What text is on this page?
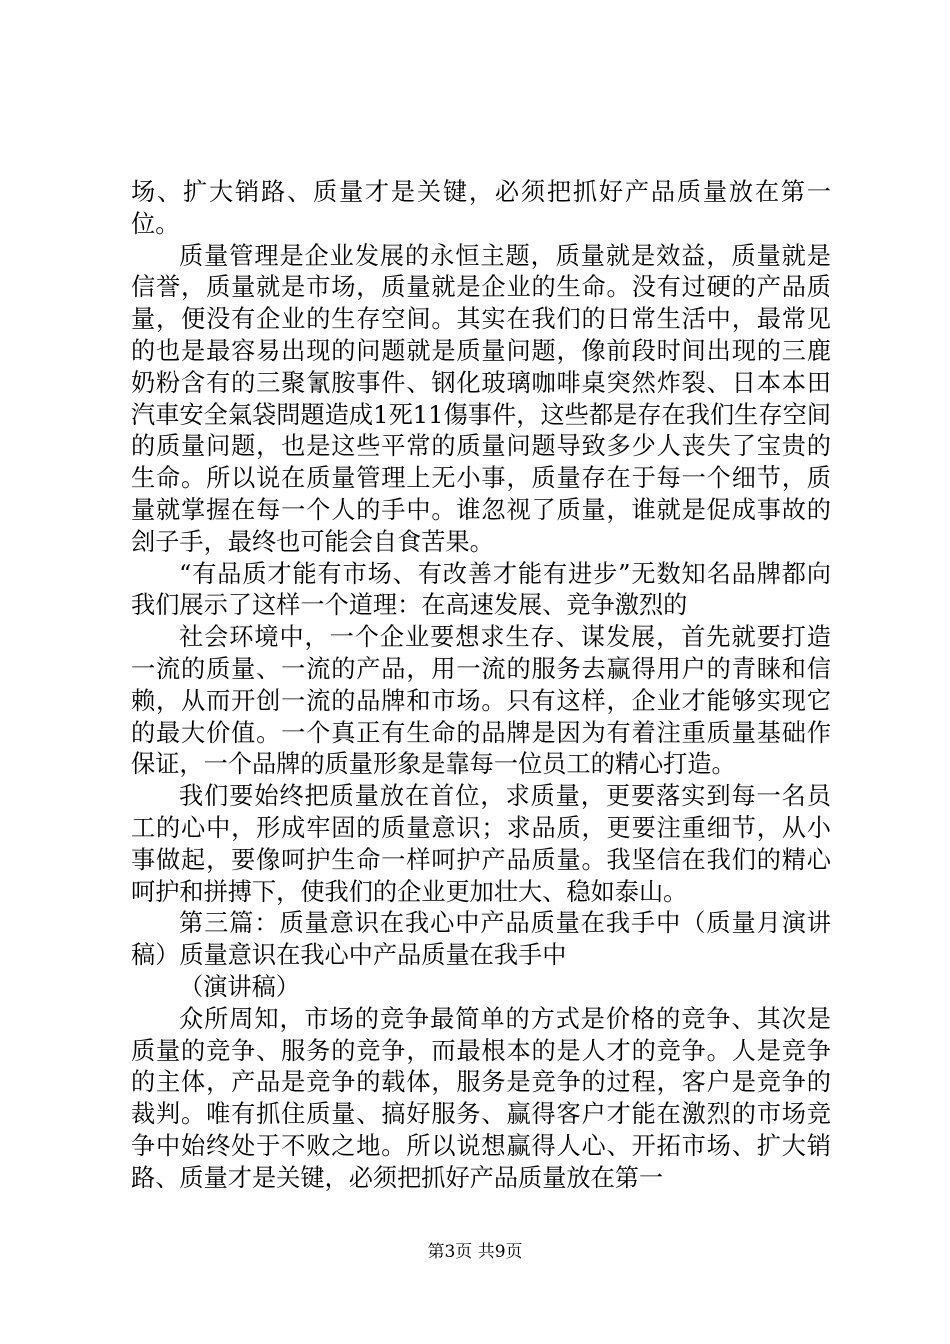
场、扩大销路、质量才是关键，必须把抓好产品质量放在第一位。

质量管理是企业发展的永恒主题，质量就是效益，质量就是信誉，质量就是市场，质量就是企业的生命。没有过硬的产品质量，便没有企业的生存空间。其实在我们的日常生活中，最常见的也是最容易出现的问题就是质量问题，像前段时间出现的三鹿奶粉含有的三聚氰胺事件、钢化玻璃咖啡桌突然炸裂、日本本田汽車安全氣袋問題造成1死11傷事件，这些都是存在我们生存空间的质量问题，也是这些平常的质量问题导致多少人丧失了宝贵的生命。所以说在质量管理上无小事，质量存在于每一个细节，质量就掌握在每一个人的手中。谁忽视了质量，谁就是促成事故的刽子手，最终也可能会自食苦果。

“有品质才能有市场、有改善才能有进步”无数知名品牌都向我们展示了这样一个道理：在高速发展、竞争激烈的

社会环境中，一个企业要想求生存、谋发展，首先就要打造一流的质量、一流的产品，用一流的服务去赢得用户的青睐和信赖，从而开创一流的品牌和市场。只有这样，企业才能够实现它的最大价值。一个真正有生命的品牌是因为有着注重质量基础作保证，一个品牌的质量形象是靠每一位员工的精心打造。

我们要始终把质量放在首位，求质量，更要落实到每一名员工的心中，形成牢固的质量意识；求品质，更要注重细节，从小事做起，要像呵护生命一样呵护产品质量。我坚信在我们的精心呵护和拼搏下，使我们的企业更加壮大、稳如泰山。

第三篇：质量意识在我心中产品质量在我手中（质量月演讲稿）质量意识在我心中产品质量在我手中

（演讲稿）

众所周知，市场的竞争最简单的方式是价格的竞争、其次是质量的竞争、服务的竞争，而最根本的是人才的竞争。人是竞争的主体，产品是竞争的载体，服务是竞争的过程，客户是竞争的裁判。唯有抓住质量、搞好服务、赢得客户才能在激烈的市场竞争中始终处于不败之地。所以说想赢得人心、开拓市场、扩大销路、质量才是关键，必须把抓好产品质量放在第一

第3页 共9页
